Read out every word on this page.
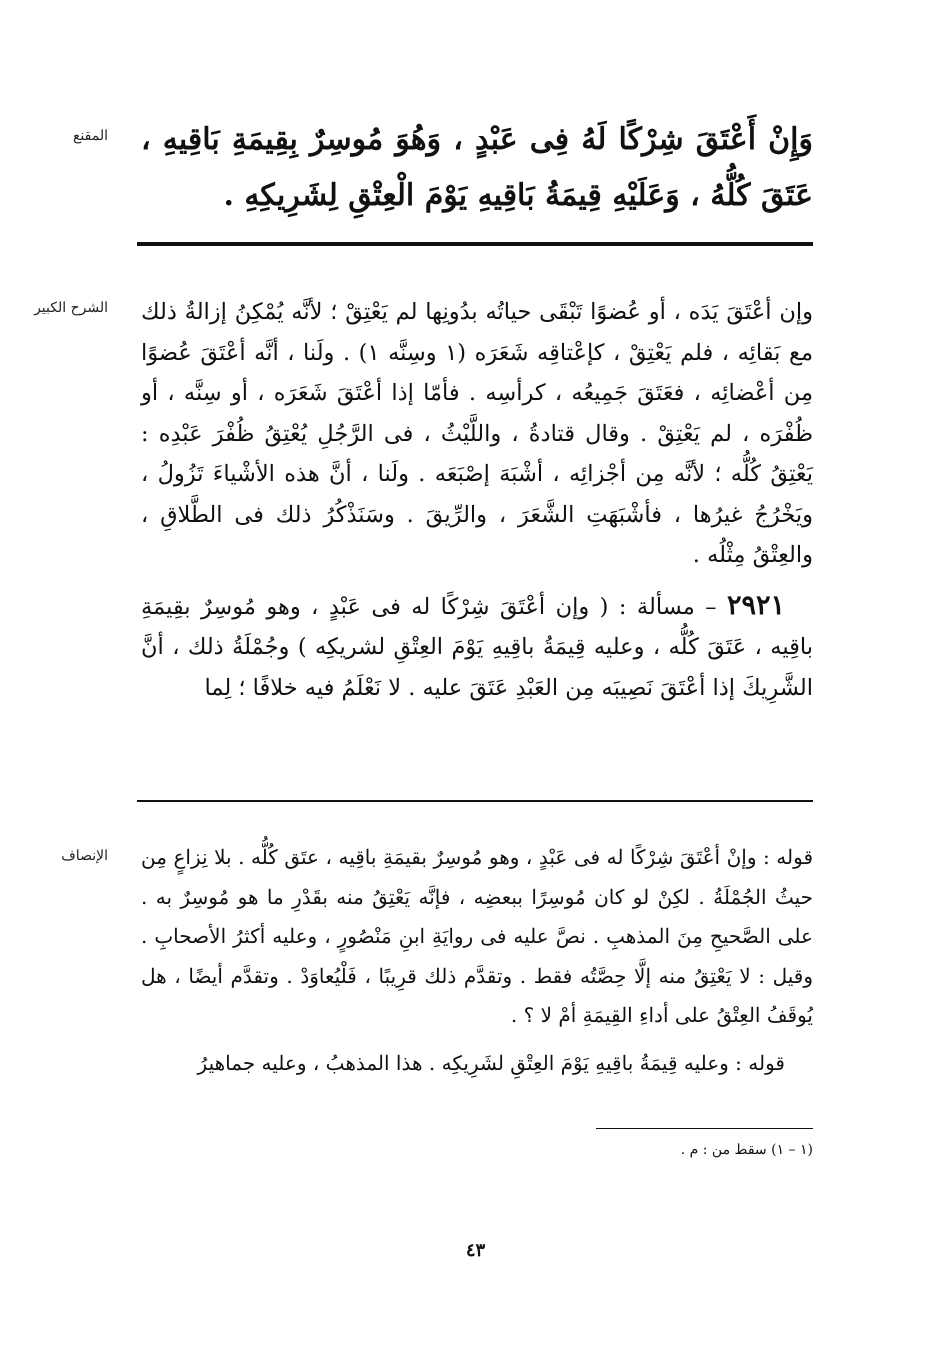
المقنع وَإِنْ أَعْتَقَ شِرْكًا لَهُ فِى عَبْدٍ ، وَهُوَ مُوسِرٌ بِقِيمَةِ بَاقِيهِ ، عَتَقَ كُلُّهُ ، وَعَلَيْهِ قِيمَةُ بَاقِيهِ يَوْمَ الْعِتْقِ لِشَرِيكِهِ .
الشرح الكبير وإن أعْتَقَ يَدَه ، أو عُضوًا تَبْقَى حياتُه بدُونِها لم يَعْتِقْ ؛ لأنَّه يُمْكِنُ إزالةُ ذلك مع بَقائِه ، فلم يَعْتِقْ ، كإعْتاقِه شَعَرَه (١ وسِنَّه ١) . ولَنا ، أنَّه أعْتَقَ عُضوًا مِن أعْضائِه ، فعَتَقَ جَمِيعُه ، كرأسِه . فأمّا إذا أعْتَقَ شَعَرَه ، أو سِنَّه ، أو ظُفْرَه ، لم يَعْتِقْ . وقال قتادةُ ، واللَّيْثُ ، فى الرَّجُلِ يُعْتِقُ ظُفْرَ عَبْدِه : يَعْتِقُ كُلُّه ؛ لأنَّه مِن أجْزائِه ، أشْبَهَ إصْبَعَه . ولَنا ، أنَّ هذه الأشْياءَ تَزُولُ ، ويَخْرُجُ غيرُها ، فأشْبَهَتِ الشَّعَرَ ، والرِّيقَ . وسَنَذْكُرُ ذلك فى الطَّلاقِ ، والعِتْقُ مِثْلُه .

٢٩٢١ – مسألة : ( وإن أعْتَقَ شِرْكًا له فى عَبْدٍ ، وهو مُوسِرٌ بقِيمَةِ باقِيه ، عَتَقَ كُلُّه ، وعليه قِيمَةُ باقِيهِ يَوْمَ العِتْقِ لشريكِه ) وجُمْلَةُ ذلك ، أنَّ الشَّرِيكَ إذا أعْتَقَ نَصِيبَه مِن العَبْدِ عَتَقَ عليه . لا نَعْلَمُ فيه خلافًا ؛ لِما

الإنصاف قوله : وإنْ أعْتَقَ شِرْكًا له فى عَبْدٍ ، وهو مُوسِرٌ بقيمَةِ باقِيه ، عتَق كُلُّه . بلا نِزاعٍ مِن حيثُ الجُمْلَةُ . لكِنْ لو كان مُوسِرًا ببعضِه ، فإنَّه يَعْتِقُ منه بقَدْرِ ما هو مُوسِرٌ به . على الصَّحيحِ مِنَ المذهبِ . نصَّ عليه فى روايَةِ ابنِ مَنْصُورٍ ، وعليه أكثرُ الأصحابِ . وقيل : لا يَعْتِقُ منه إلَّا حِصَّتُه فقط . وتقدَّم ذلك قرِيبًا ، فَلْيُعاوَدْ . وتقدَّم أيضًا ، هل يُوقَفُ العِتْقُ على أداءِ القِيمَةِ أمْ لا ؟ .

قوله : وعليه قِيمَةُ باقِيهِ يَوْمَ العِتْقِ لشَرِيكِه . هذا المذهبُ ، وعليه جماهيرُ

(١ – ١) سقط من : م .
٤٣
